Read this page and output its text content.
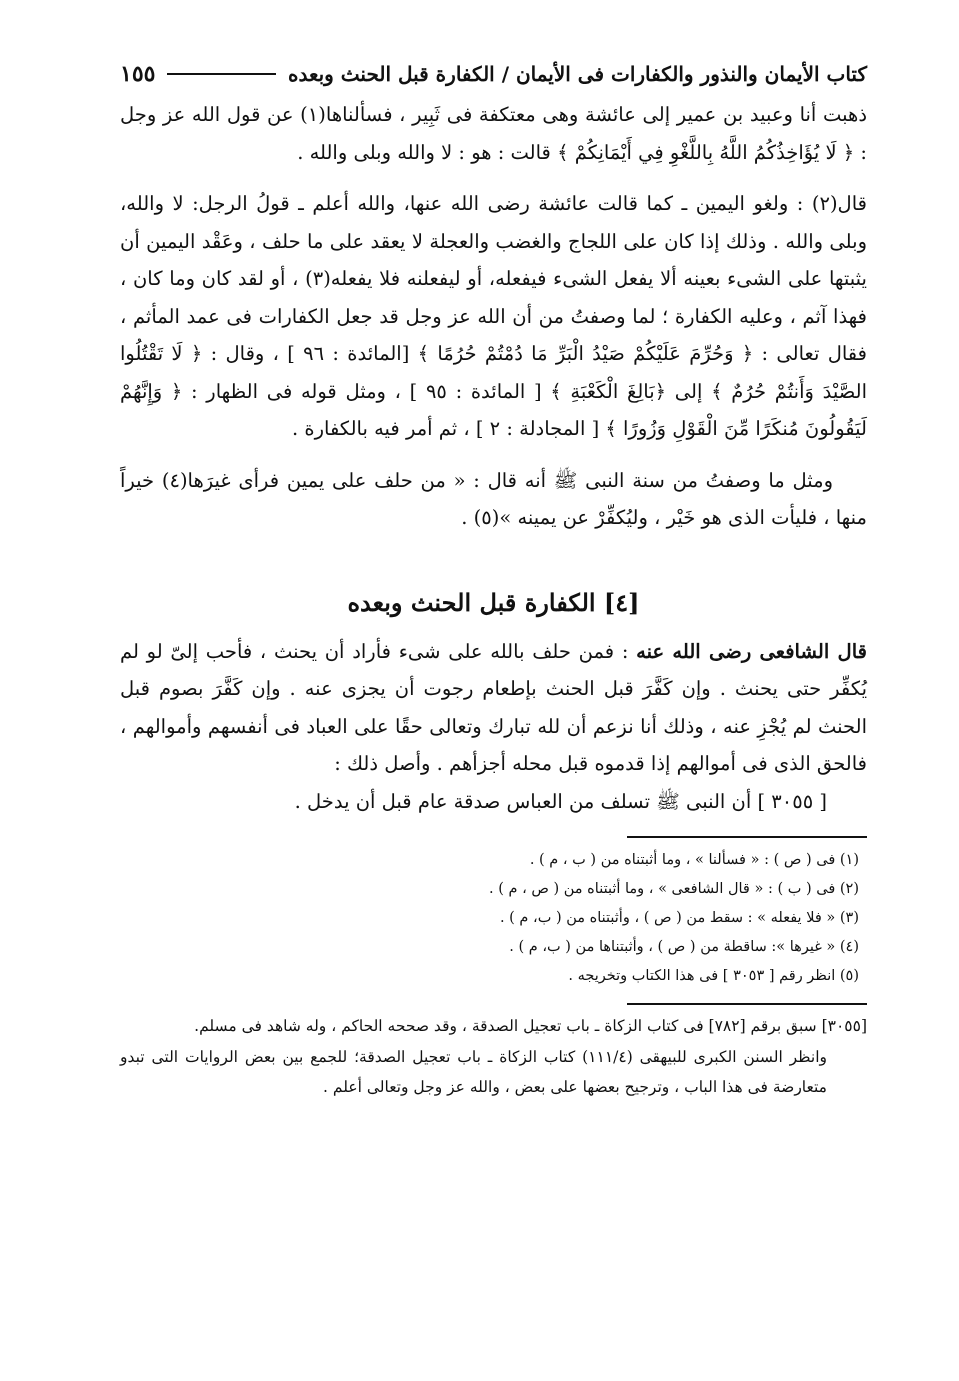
كتاب الأيمان والنذور والكفارات فى الأيمان / الكفارة قبل الحنث وبعده
١٥٥

ذهبت أنا وعبيد بن عمير إلى عائشة وهى معتكفة فى ثَبِير ، فسألناها(١) عن قول الله عز وجل : ﴿ لَا يُؤَاخِذُكُمُ اللَّهُ بِاللَّغْوِ فِي أَيْمَانِكُمْ ﴾ قالت : هو : لا والله وبلى والله .

قال(٢) : ولغو اليمين ـ كما قالت عائشة رضى الله عنها، والله أعلم ـ قولُ الرجل: لا والله، وبلى والله . وذلك إذا كان على اللجاج والغضب والعجلة لا يعقد على ما حلف ، وعَقْد اليمين أن يثبتها على الشىء بعينه ألا يفعل الشىء فيفعله، أو ليفعلنه فلا يفعله(٣) ، أو لقد كان وما كان ، فهذا آثم ، وعليه الكفارة ؛ لما وصفتُ من أن الله عز وجل قد جعل الكفارات فى عمد المأثم ، فقال تعالى : ﴿ وَحُرِّمَ عَلَيْكُمْ صَيْدُ الْبَرِّ مَا دُمْتُمْ حُرُمًا ﴾ [المائدة : ٩٦ ] ، وقال : ﴿ لَا تَقْتُلُوا الصَّيْدَ وَأَنتُمْ حُرُمٌ ﴾ إلى ﴿بَالِغَ الْكَعْبَةِ ﴾ [ المائدة : ٩٥ ] ، ومثل قوله فى الظهار : ﴿ وَإِنَّهُمْ لَيَقُولُونَ مُنكَرًا مِّنَ الْقَوْلِ وَزُورًا ﴾ [ المجادلة : ٢ ] ، ثم أمر فيه بالكفارة .

ومثل ما وصفتُ من سنة النبى ﷺ أنه قال : « من حلف على يمين فرأى غيرَها(٤) خيراً منها ، فليأت الذى هو خَيْر ، وليُكفِّرْ عن يمينه »(٥) .

[٤] الكفارة قبل الحنث وبعده

قال الشافعى رضى الله عنه : فمن حلف بالله على شىء فأراد أن يحنث ، فأحب إلىّ لو لم يُكفِّر حتى يحنث . وإن كَفَّرَ قبل الحنث بإطعام رجوت أن يجزى عنه . وإن كَفَّرَ بصوم قبل الحنث لم يُجْزِ عنه ، وذلك أنا نزعم أن لله تبارك وتعالى حقًا على العباد فى أنفسهم وأموالهم ، فالحق الذى فى أموالهم إذا قدموه قبل محله أجزأهم . وأصل ذلك :

[ ٣٠٥٥ ] أن النبى ﷺ تسلف من العباس صدقة عام قبل أن يدخل .

(١) فى ( ص ) : « فسألنا » ، وما أثبتناه من ( ب ، م ) .

(٢) فى ( ب ) : « قال الشافعى » ، وما أثبتناه من ( ص ، م ) .

(٣) « فلا يفعله » : سقط من ( ص ) ، وأثبتناه من ( ب، م ) .

(٤) « غيرها »: ساقطة من ( ص ) ، وأثبتناها من ( ب، م ) .

(٥) انظر رقم [ ٣٠٥٣ ] فى هذا الكتاب وتخريجه .

[٣٠٥٥] سبق برقم [٧٨٢] فى كتاب الزكاة ـ باب تعجيل الصدقة ، وقد صححه الحاكم ، وله شاهد فى مسلم.

وانظر السنن الكبرى للبيهقى (١١١/٤) كتاب الزكاة ـ باب تعجيل الصدقة؛ للجمع بين بعض الروايات التى تبدو متعارضة فى هذا الباب ، وترجيح بعضها على بعض ، والله عز وجل وتعالى أعلم .
